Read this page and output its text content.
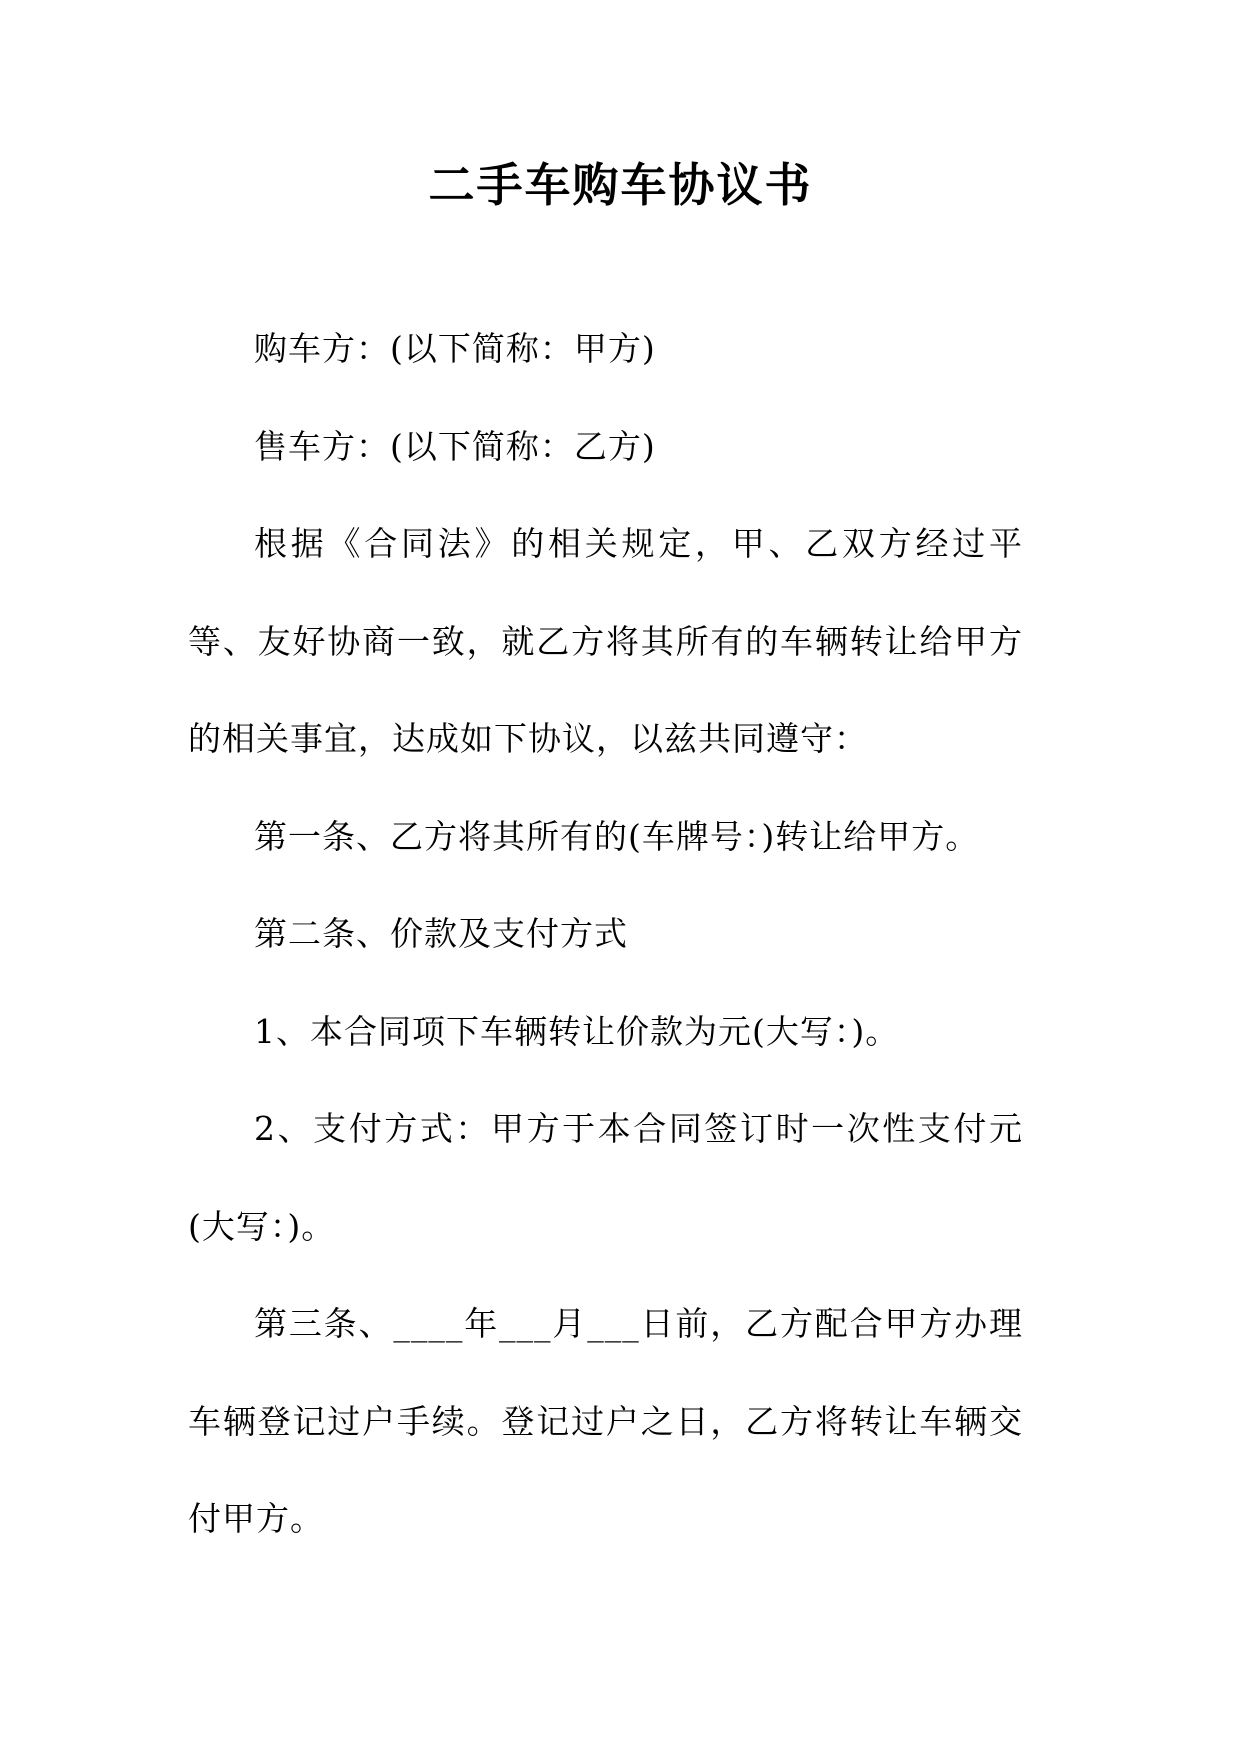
二手车购车协议书

购车方：(以下简称：甲方)

售车方：(以下简称：乙方)

根据《合同法》的相关规定，甲、乙双方经过平等、友好协商一致，就乙方将其所有的车辆转让给甲方的相关事宜，达成如下协议，以兹共同遵守：

第一条、乙方将其所有的(车牌号：)转让给甲方。

第二条、价款及支付方式

1、本合同项下车辆转让价款为元(大写：)。

2、支付方式：甲方于本合同签订时一次性支付元(大写：)。

第三条、____年___月___日前，乙方配合甲方办理车辆登记过户手续。登记过户之日，乙方将转让车辆交付甲方。
